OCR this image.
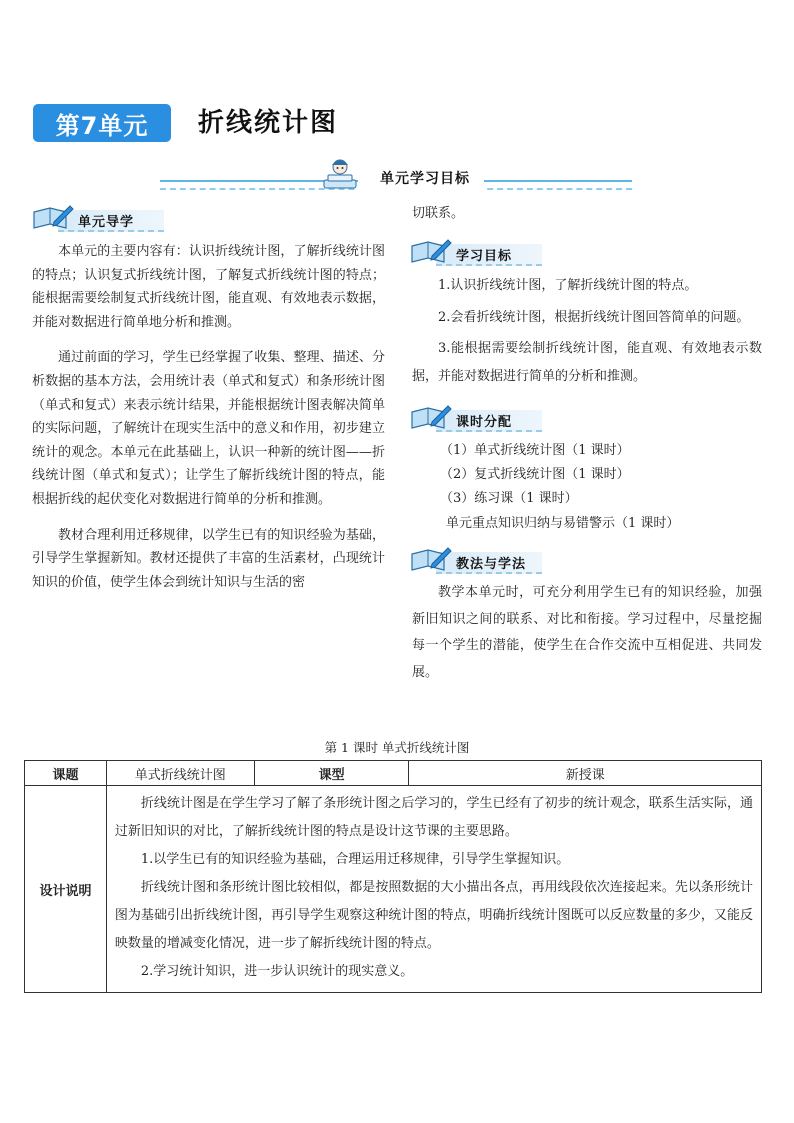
第7单元	折线统计图
单元学习目标
单元导学

本单元的主要内容有：认识折线统计图，了解折线统计图的特点；认识复式折线统计图，了解复式折线统计图的特点；能根据需要绘制复式折线统计图，能直观、有效地表示数据，并能对数据进行简单地分析和推测。

通过前面的学习，学生已经掌握了收集、整理、描述、分析数据的基本方法，会用统计表（单式和复式）和条形统计图（单式和复式）来表示统计结果，并能根据统计图表解决简单的实际问题，了解统计在现实生活中的意义和作用，初步建立统计的观念。本单元在此基础上，认识一种新的统计图——折线统计图（单式和复式）；让学生了解折线统计图的特点，能根据折线的起伏变化对数据进行简单的分析和推测。

教材合理利用迁移规律，以学生已有的知识经验为基础，引导学生掌握新知。教材还提供了丰富的生活素材，凸现统计知识的价值，使学生体会到统计知识与生活的密

切联系。
学习目标
1.认识折线统计图，了解折线统计图的特点。
2.会看折线统计图，根据折线统计图回答简单的问题。

3.能根据需要绘制折线统计图，能直观、有效地表示数据，并能对数据进行简单的分析和推测。

课时分配
（1）单式折线统计图（1 课时）
（2）复式折线统计图（1 课时）
（3）练习课（1 课时）
单元重点知识归纳与易错警示（1 课时）
教法与学法

教学本单元时，可充分利用学生已有的知识经验，加强新旧知识之间的联系、对比和衔接。学习过程中，尽量挖掘每一个学生的潜能，使学生在合作交流中互相促进、共同发展。

第 1 课时 单式折线统计图
课题	单式折线统计图	课型	新授课
设计说明	折线统计图是在学生学习了解了条形统计图之后学习的，学生已经有了初步的统计观念，联系生活实际，通过新旧知识的对比，了解折线统计图的特点是设计这节课的主要思路。

1.以学生已有的知识经验为基础，合理运用迁移规律，引导学生掌握知识。

折线统计图和条形统计图比较相似，都是按照数据的大小描出各点，再用线段依次连接起来。先以条形统计图为基础引出折线统计图，再引导学生观察这种统计图的特点，明确折线统计图既可以反应数量的多少，又能反映数量的增减变化情况，进一步了解折线统计图的特点。

2.学习统计知识，进一步认识统计的现实意义。		
